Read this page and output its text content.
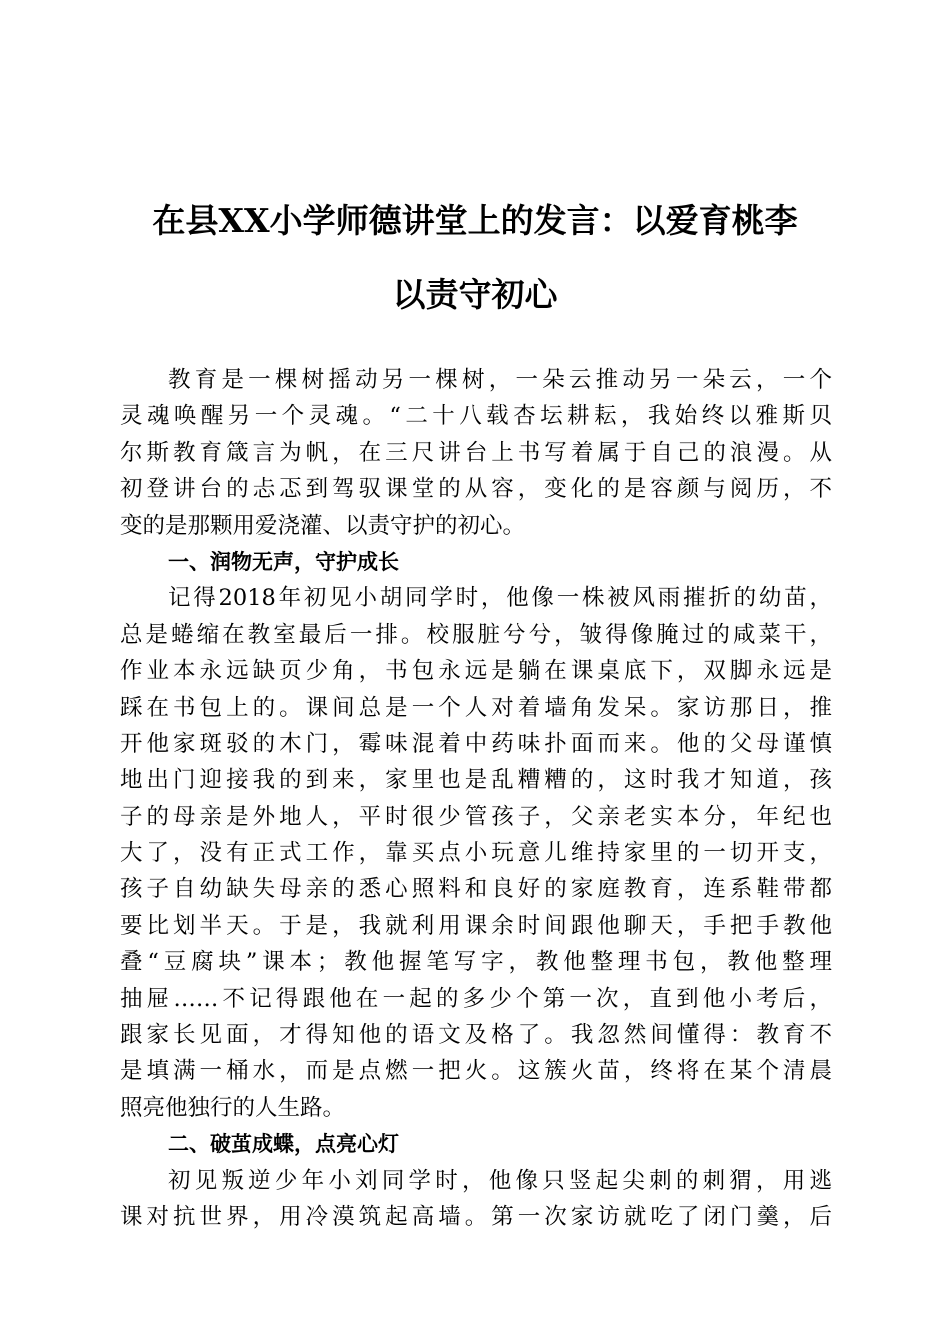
在县XX小学师德讲堂上的发言：以爱育桃李
以责守初心
教育是一棵树摇动另一棵树，一朵云推动另一朵云，一个
灵魂唤醒另一个灵魂。“二十八载杏坛耕耘，我始终以雅斯贝
尔斯教育箴言为帆，在三尺讲台上书写着属于自己的浪漫。从
初登讲台的忐忑到驾驭课堂的从容，变化的是容颜与阅历，不
变的是那颗用爱浇灌、以责守护的初心。
一、润物无声，守护成长
记得2018年初见小胡同学时，他像一株被风雨摧折的幼苗，
总是蜷缩在教室最后一排。校服脏兮兮，皱得像腌过的咸菜干，
作业本永远缺页少角，书包永远是躺在课桌底下，双脚永远是
踩在书包上的。课间总是一个人对着墙角发呆。家访那日，推
开他家斑驳的木门，霉味混着中药味扑面而来。他的父母谨慎
地出门迎接我的到来，家里也是乱糟糟的，这时我才知道，孩
子的母亲是外地人，平时很少管孩子，父亲老实本分，年纪也
大了，没有正式工作，靠买点小玩意儿维持家里的一切开支，
孩子自幼缺失母亲的悉心照料和良好的家庭教育，连系鞋带都
要比划半天。于是，我就利用课余时间跟他聊天，手把手教他
叠“豆腐块”课本；教他握笔写字，教他整理书包，教他整理
抽屉……不记得跟他在一起的多少个第一次，直到他小考后，
跟家长见面，才得知他的语文及格了。我忽然间懂得：教育不
是填满一桶水，而是点燃一把火。这簇火苗，终将在某个清晨
照亮他独行的人生路。
二、破茧成蝶，点亮心灯
初见叛逆少年小刘同学时，他像只竖起尖刺的刺猬，用逃
课对抗世界，用冷漠筑起高墙。第一次家访就吃了闭门羹，后
